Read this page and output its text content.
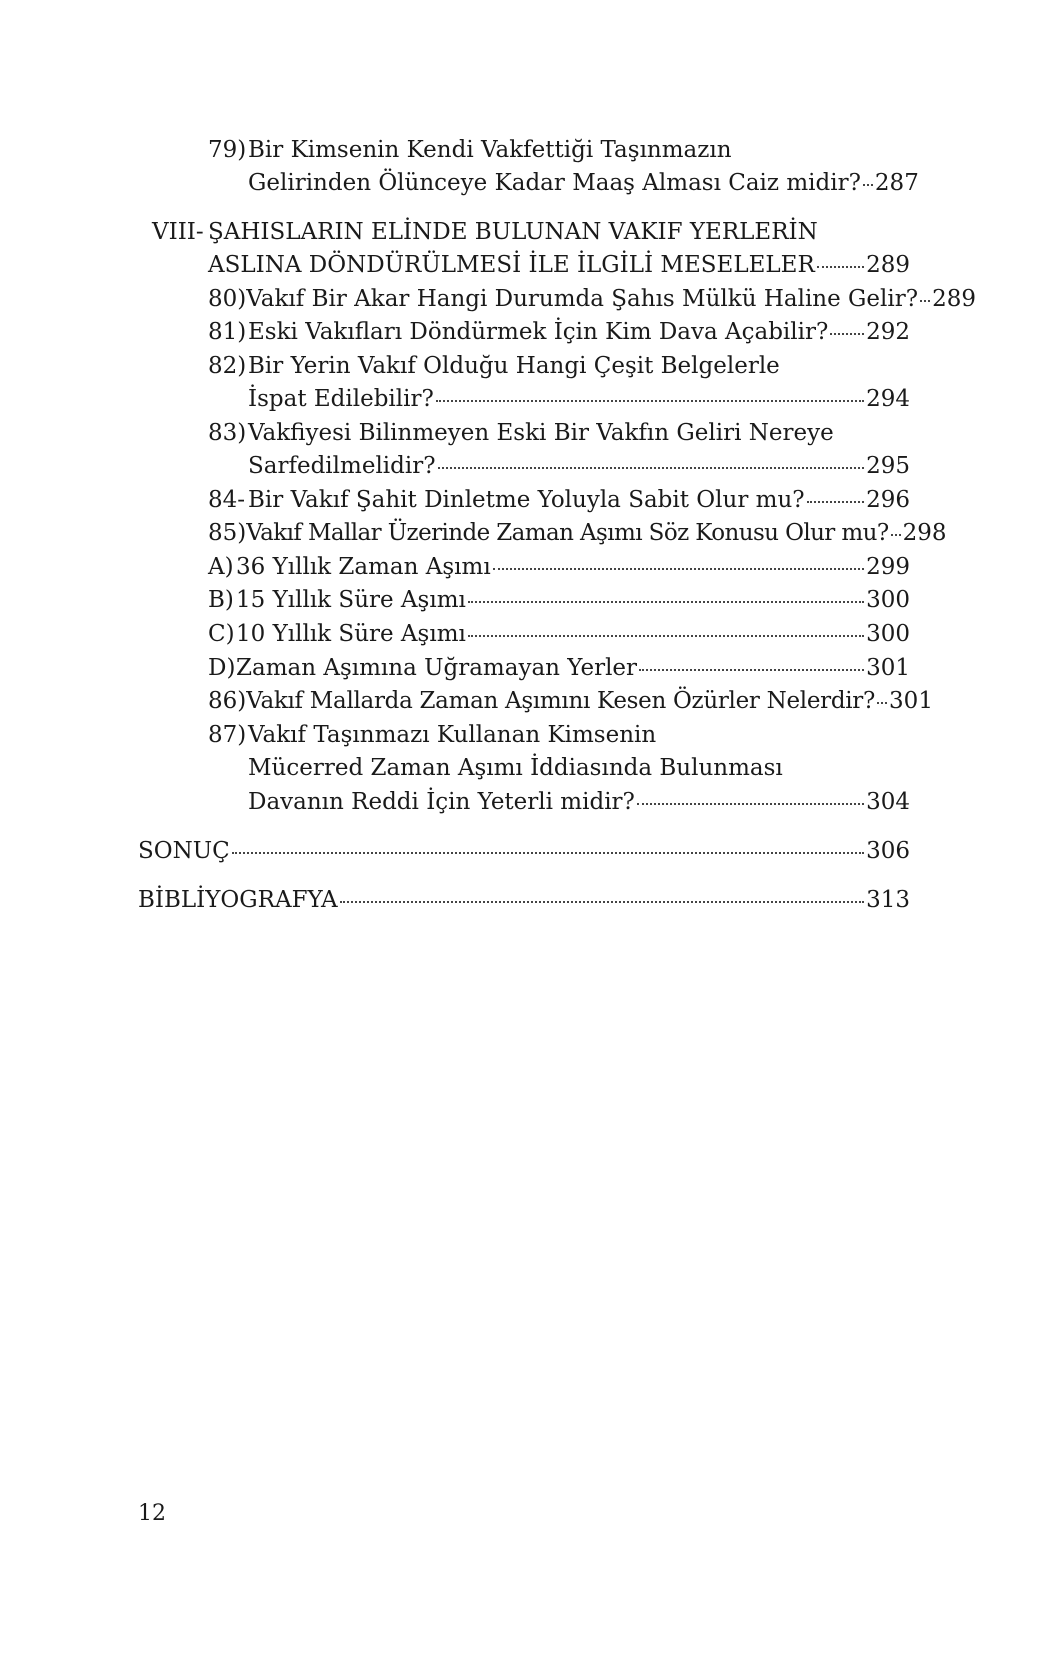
79) Bir Kimsenin Kendi Vakfettiği Taşınmazın
Gelirinden Ölünceye Kadar Maaş Alması Caiz midir? 287
VIII- ŞAHISLARIN ELİNDE BULUNAN VAKIF YERLERİN
ASLINA DÖNDÜRÜLMESİ İLE İLGİLİ MESELELER 289
80) Vakıf Bir Akar Hangi Durumda Şahıs Mülkü Haline Gelir? 289
81) Eski Vakıfları Döndürmek İçin Kim Dava Açabilir? 292
82) Bir Yerin Vakıf Olduğu Hangi Çeşit Belgelerle
İspat Edilebilir?	294
83) Vakfiyesi Bilinmeyen Eski Bir Vakfın Geliri Nereye
Sarfedilmelidir?	295
84- Bir Vakıf Şahit Dinletme Yoluyla Sabit Olur mu?	296
85) Vakıf Mallar Üzerinde Zaman Aşımı Söz Konusu Olur mu? 298
A) 36 Yıllık Zaman Aşımı	299
B) 15 Yıllık Süre Aşımı	300
C) 10 Yıllık Süre Aşımı	300
D) Zaman Aşımına Uğramayan Yerler	301
86) Vakıf Mallarda Zaman Aşımını Kesen Özürler Nelerdir? 301
87) Vakıf Taşınmazı Kullanan Kimsenin
Mücerred Zaman Aşımı İddiasında Bulunması
Davanın Reddi İçin Yeterli midir?	304
SONUÇ	306
BİBLİYOGRAFYA	313
12
